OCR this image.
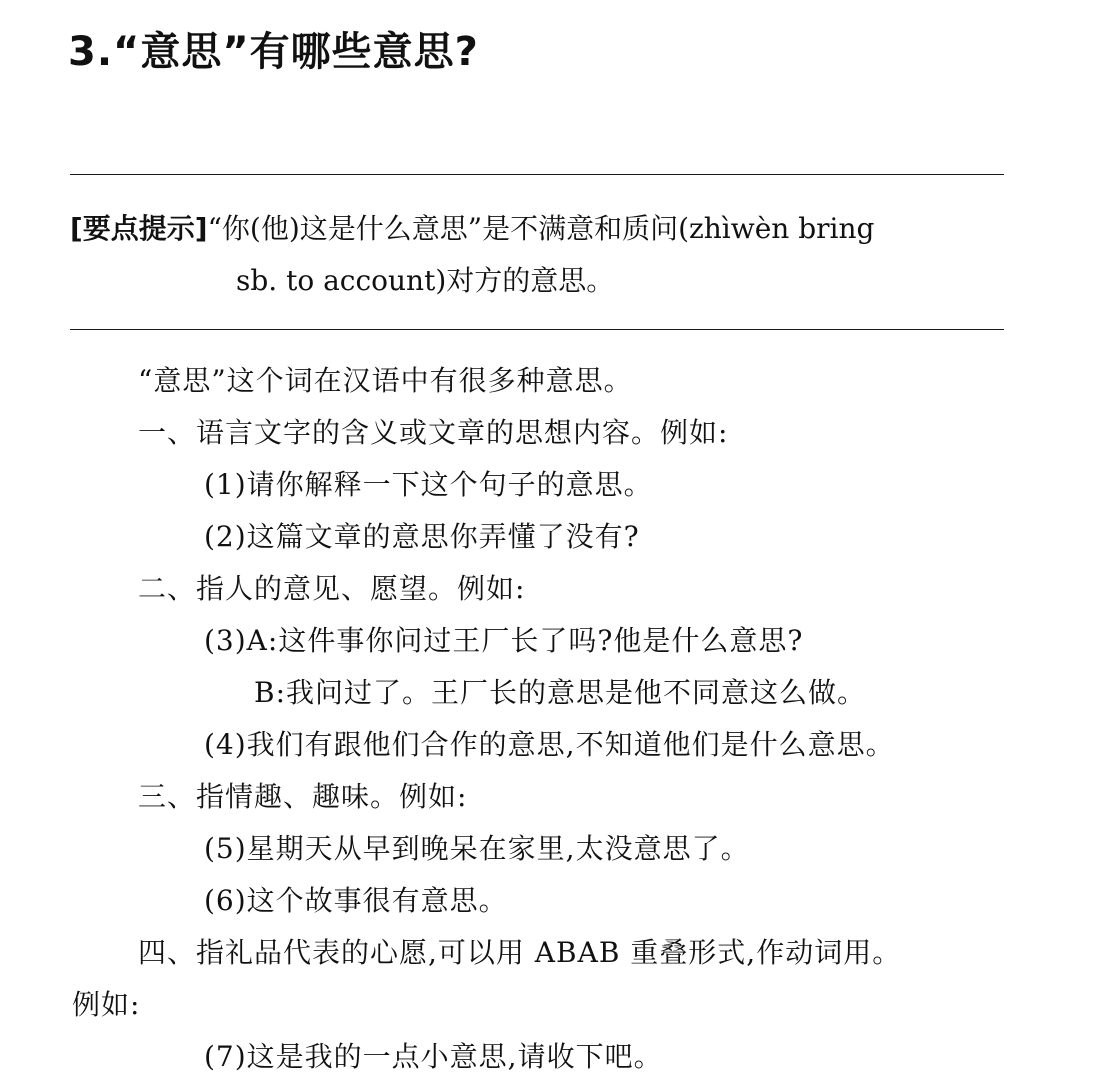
3.“意思”有哪些意思?
[要点提示]“你(他)这是什么意思”是不满意和质问(zhìwèn bring
sb. to account)对方的意思。
“意思”这个词在汉语中有很多种意思。
一、语言文字的含义或文章的思想内容。例如:
(1)请你解释一下这个句子的意思。
(2)这篇文章的意思你弄懂了没有?
二、指人的意见、愿望。例如:
(3)A:这件事你问过王厂长了吗?他是什么意思?
B:我问过了。王厂长的意思是他不同意这么做。
(4)我们有跟他们合作的意思,不知道他们是什么意思。
三、指情趣、趣味。例如:
(5)星期天从早到晚呆在家里,太没意思了。
(6)这个故事很有意思。
四、指礼品代表的心愿,可以用 ABAB 重叠形式,作动词用。
例如:
(7)这是我的一点小意思,请收下吧。
